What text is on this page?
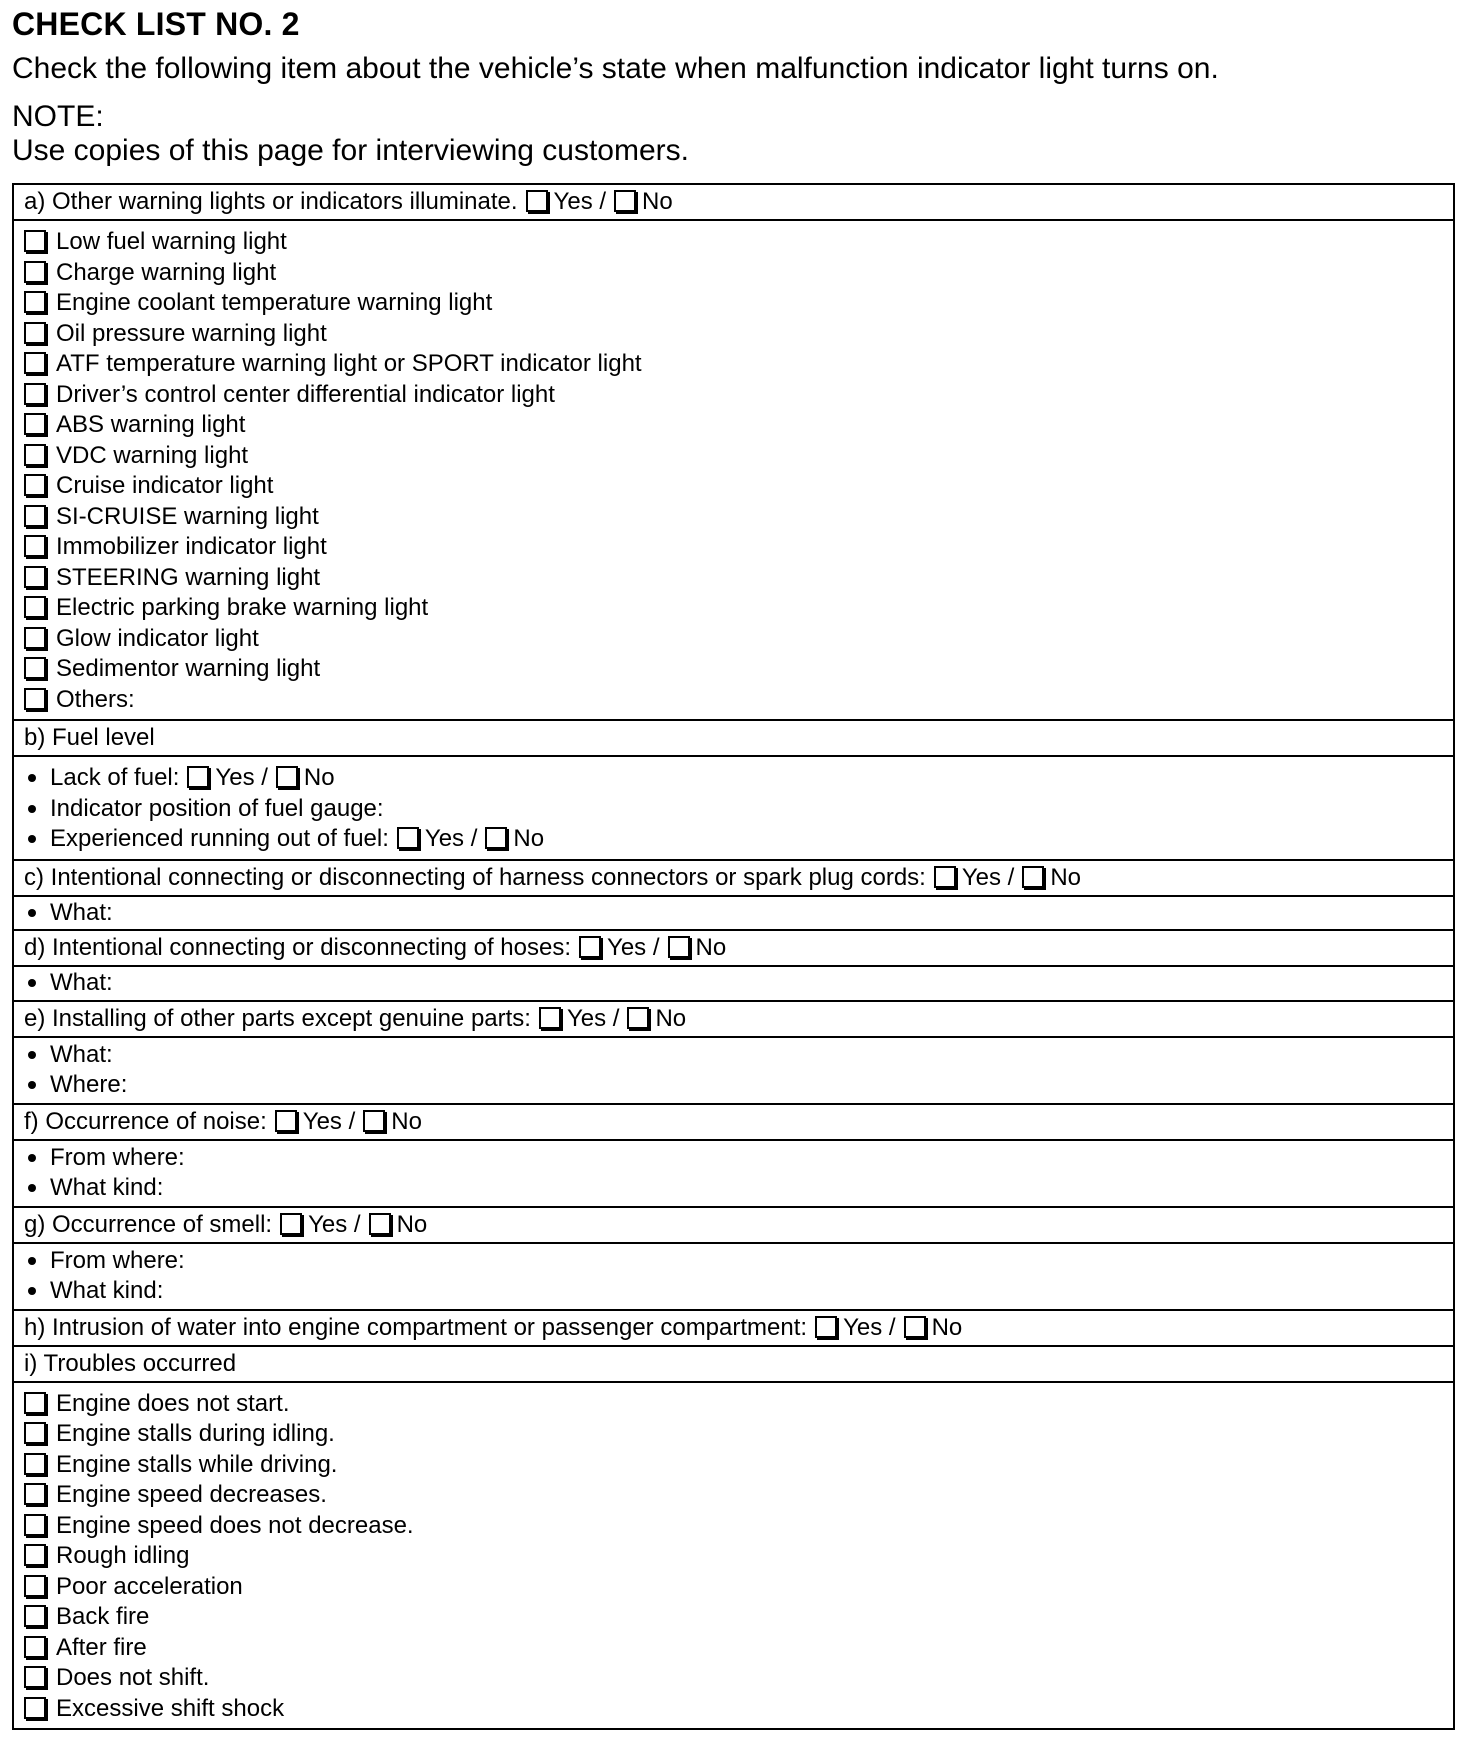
CHECK LIST NO. 2
Check the following item about the vehicle’s state when malfunction indicator light turns on.
NOTE:
Use copies of this page for interviewing customers.
a) Other warning lights or indicators illuminate. Yes / No
Low fuel warning light
Charge warning light
Engine coolant temperature warning light
Oil pressure warning light
ATF temperature warning light or SPORT indicator light
Driver’s control center differential indicator light
ABS warning light
VDC warning light
Cruise indicator light
SI-CRUISE warning light
Immobilizer indicator light
STEERING warning light
Electric parking brake warning light
Glow indicator light
Sedimentor warning light
Others:
b) Fuel level
Lack of fuel: Yes / No
Indicator position of fuel gauge:
Experienced running out of fuel: Yes / No
c) Intentional connecting or disconnecting of harness connectors or spark plug cords: Yes / No
What:
d) Intentional connecting or disconnecting of hoses: Yes / No
What:
e) Installing of other parts except genuine parts: Yes / No
What:
Where:
f) Occurrence of noise: Yes / No
From where:
What kind:
g) Occurrence of smell: Yes / No
From where:
What kind:
h) Intrusion of water into engine compartment or passenger compartment: Yes / No
i) Troubles occurred
Engine does not start.
Engine stalls during idling.
Engine stalls while driving.
Engine speed decreases.
Engine speed does not decrease.
Rough idling
Poor acceleration
Back fire
After fire
Does not shift.
Excessive shift shock
